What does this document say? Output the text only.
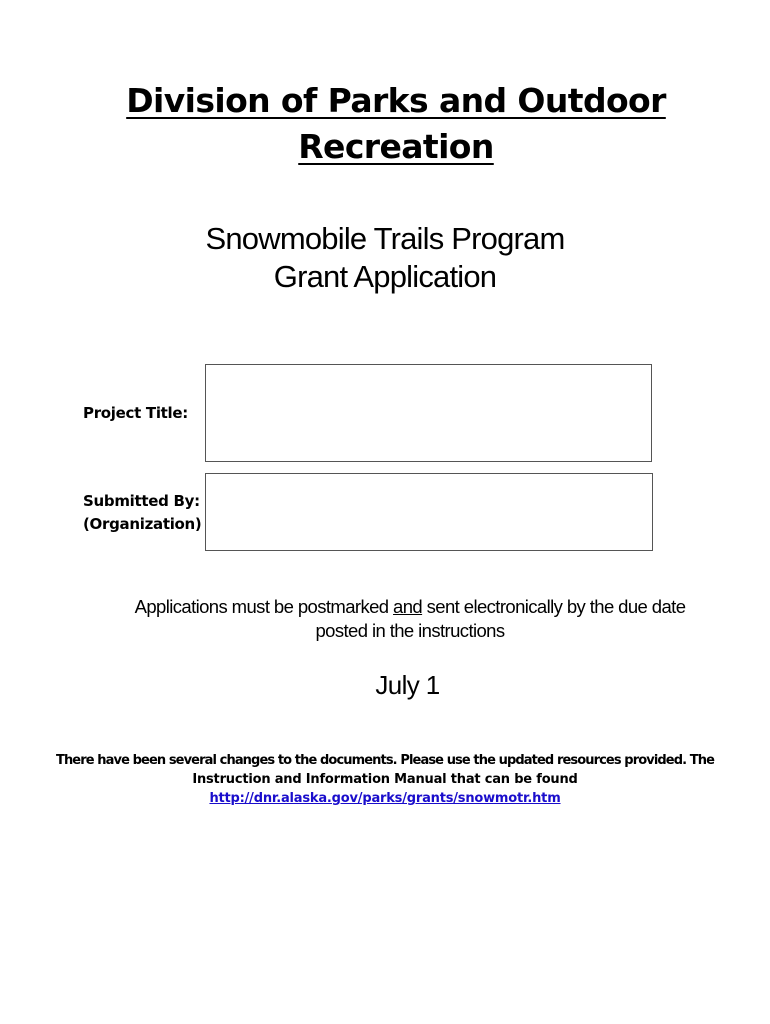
Division of Parks and Outdoor
Recreation
Snowmobile Trails Program
Grant Application
Project Title:
Submitted By:
(Organization)
Applications must be postmarked and sent electronically by the due date
posted in the instructions
July 1
There have been several changes to the documents. Please use the updated resources provided. The
Instruction and Information Manual that can be found
http://dnr.alaska.gov/parks/grants/snowmotr.htm
